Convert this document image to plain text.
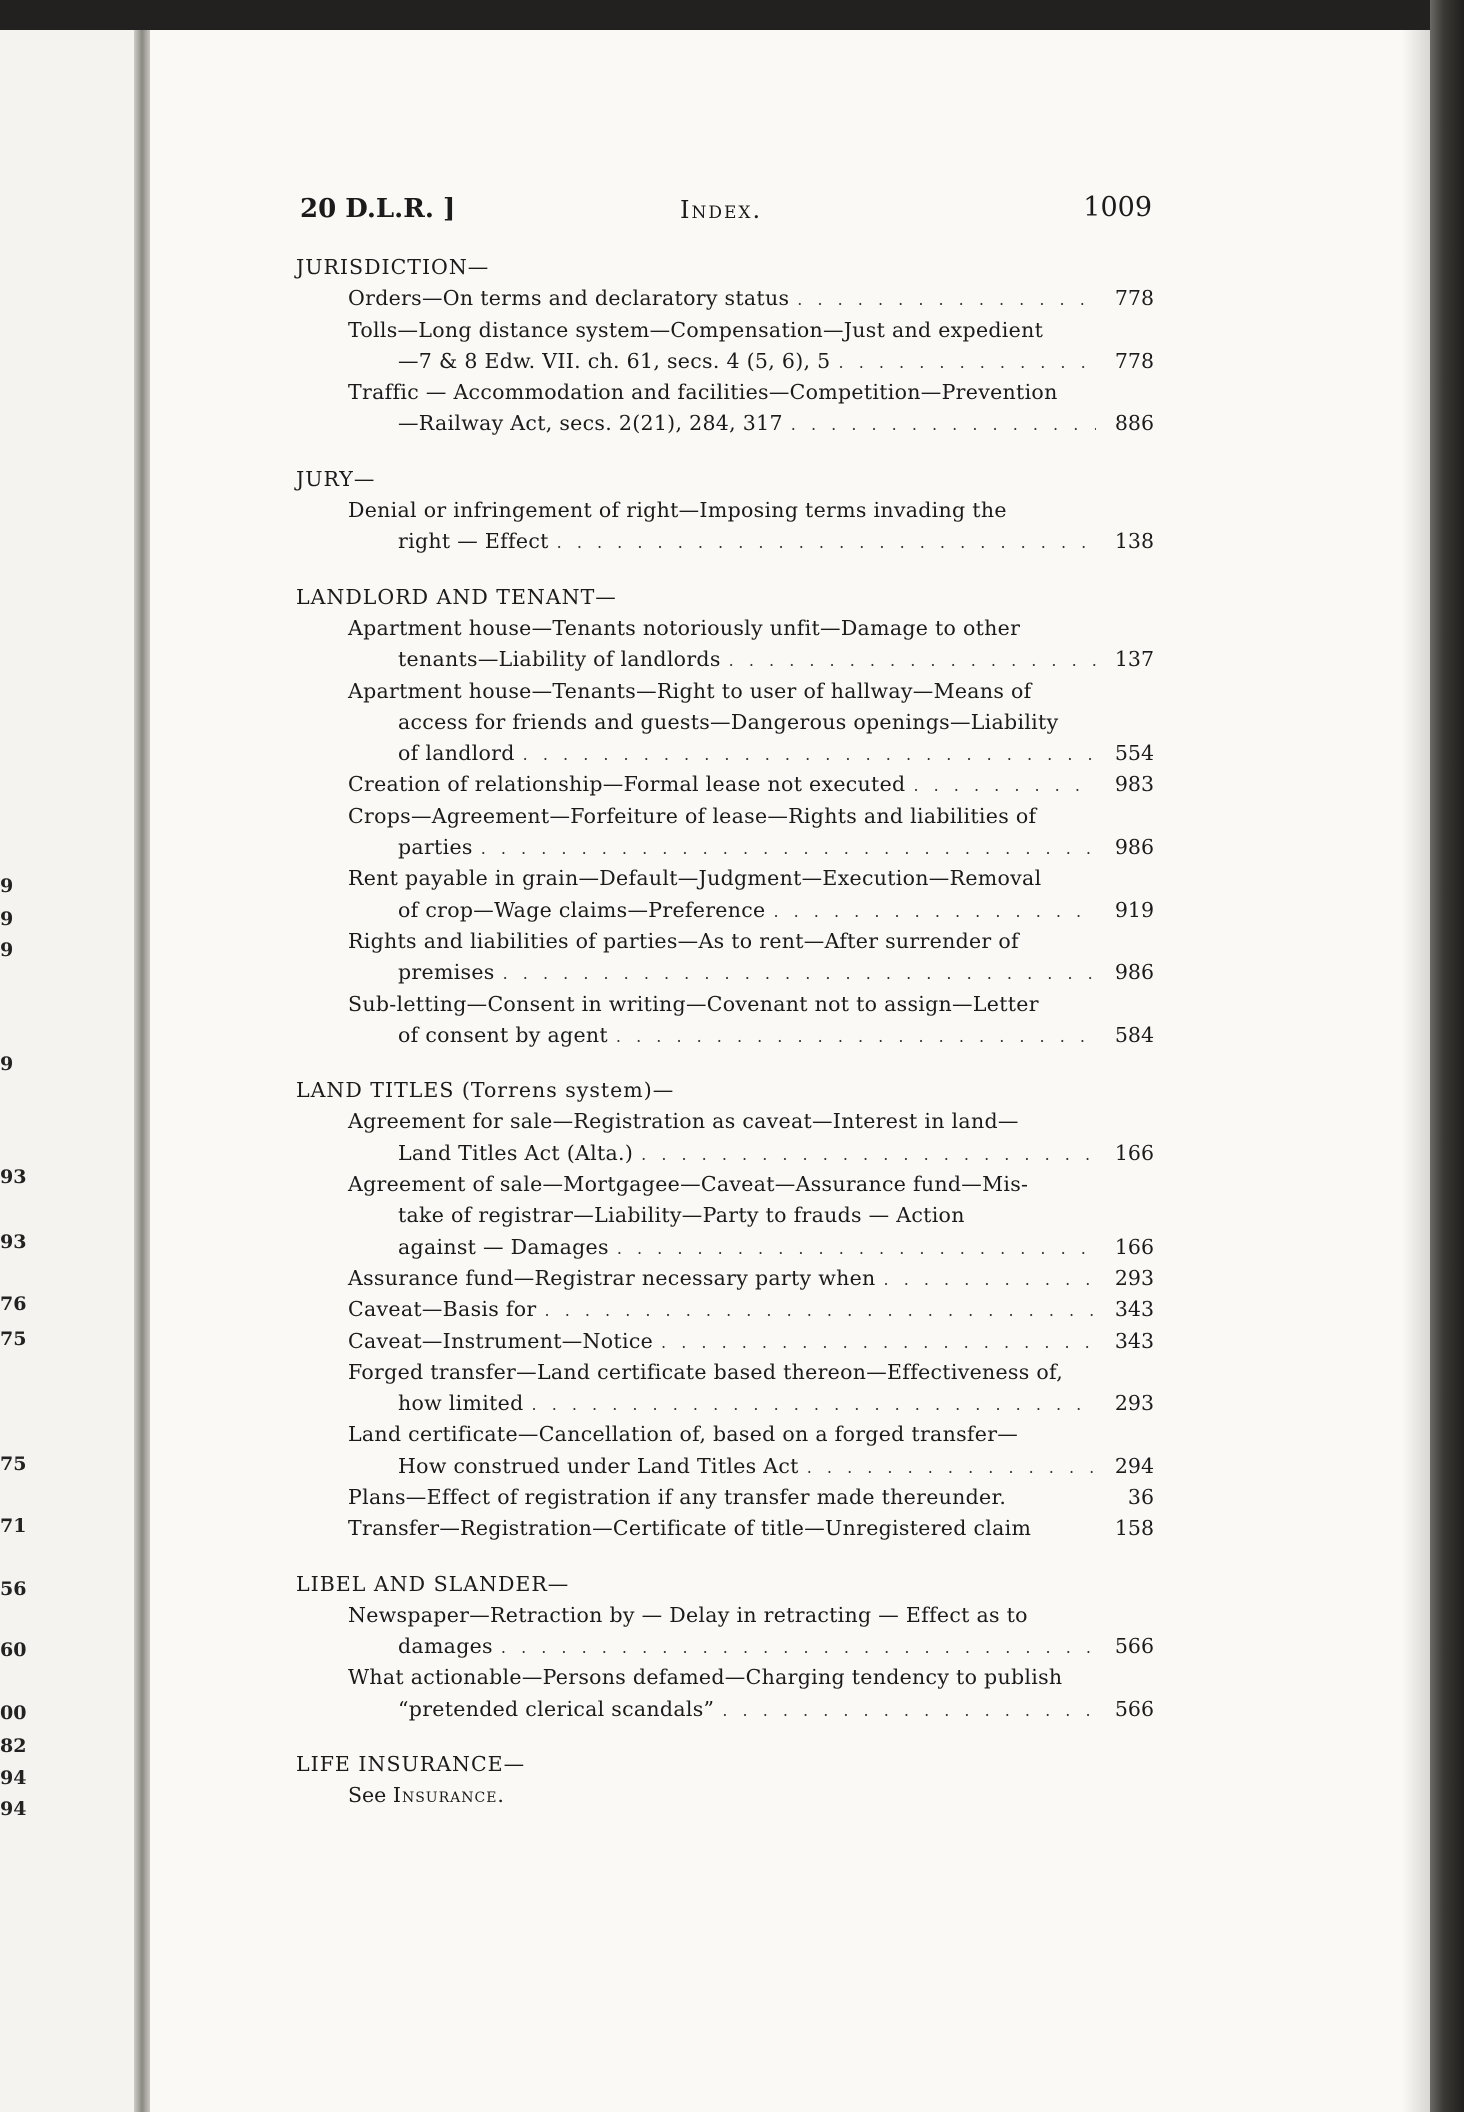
9
9
9
9
93
93
76
75
75
71
56
60
00
82
94
94
20 D.L.R. ]	Index.	1009
JURISDICTION—
Orders—On terms and declaratory status . . .	778
Tolls—Long distance system—Compensation—Just and expedient
—7 & 8 Edw. VII. ch. 61, secs. 4 (5, 6), 5 . . .	778
Traffic — Accommodation and facilities—Competition—Prevention
—Railway Act, secs. 2(21), 284, 317 . . .	886
JURY—
Denial or infringement of right—Imposing terms invading the
right — Effect . . .	138
LANDLORD AND TENANT—
Apartment house—Tenants notoriously unfit—Damage to other
tenants—Liability of landlords . . .	137
Apartment house—Tenants—Right to user of hallway—Means of
access for friends and guests—Dangerous openings—Liability
of landlord . . .	554
Creation of relationship—Formal lease not executed . . .	983
Crops—Agreement—Forfeiture of lease—Rights and liabilities of
parties . . .	986
Rent payable in grain—Default—Judgment—Execution—Removal
of crop—Wage claims—Preference . . .	919
Rights and liabilities of parties—As to rent—After surrender of
premises . . .	986
Sub-letting—Consent in writing—Covenant not to assign—Letter
of consent by agent . . .	584
LAND TITLES (Torrens system)—
Agreement for sale—Registration as caveat—Interest in land—
Land Titles Act (Alta.) . . .	166
Agreement of sale—Mortgagee—Caveat—Assurance fund—Mis-
take of registrar—Liability—Party to frauds — Action
against — Damages . . .	166
Assurance fund—Registrar necessary party when . . .	293
Caveat—Basis for . . .	343
Caveat—Instrument—Notice . . .	343
Forged transfer—Land certificate based thereon—Effectiveness of,
how limited . . .	293
Land certificate—Cancellation of, based on a forged transfer—
How construed under Land Titles Act . . .	294
Plans—Effect of registration if any transfer made thereunder.	36
Transfer—Registration—Certificate of title—Unregistered claim	158
LIBEL AND SLANDER—
Newspaper—Retraction by — Delay in retracting — Effect as to
damages . . .	566
What actionable—Persons defamed—Charging tendency to publish
“pretended clerical scandals” . . .	566
LIFE INSURANCE—
See Insurance.
